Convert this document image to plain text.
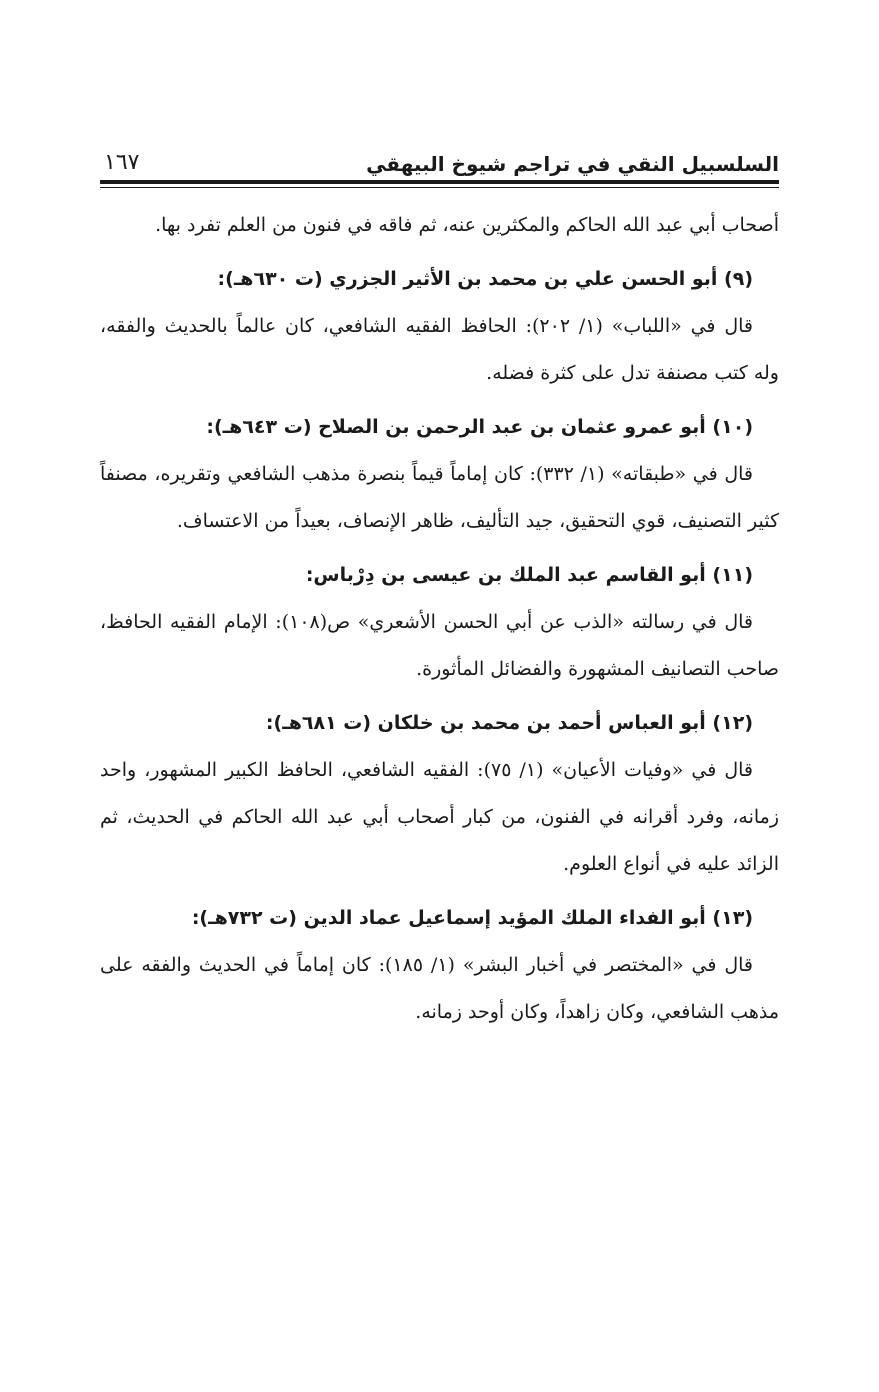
السلسبيل النقي في تراجم شيوخ البيهقي
١٦٧

أصحاب أبي عبد الله الحاكم والمكثرين عنه، ثم فاقه في فنون من العلم تفرد بها.

(٩) أبو الحسن علي بن محمد بن الأثير الجزري (ت ٦٣٠هـ):

قال في «اللباب» (١/ ٢٠٢): الحافظ الفقيه الشافعي، كان عالماً بالحديث والفقه، وله كتب مصنفة تدل على كثرة فضله.

(١٠) أبو عمرو عثمان بن عبد الرحمن بن الصلاح (ت ٦٤٣هـ):

قال في «طبقاته» (١/ ٣٣٢): كان إماماً قيماً بنصرة مذهب الشافعي وتقريره، مصنفاً كثير التصنيف، قوي التحقيق، جيد التأليف، ظاهر الإنصاف، بعيداً من الاعتساف.

(١١) أبو القاسم عبد الملك بن عيسى بن دِرْباس:

قال في رسالته «الذب عن أبي الحسن الأشعري» ص(١٠٨): الإمام الفقيه الحافظ، صاحب التصانيف المشهورة والفضائل المأثورة.

(١٢) أبو العباس أحمد بن محمد بن خلكان (ت ٦٨١هـ):

قال في «وفيات الأعيان» (١/ ٧٥): الفقيه الشافعي، الحافظ الكبير المشهور، واحد زمانه، وفرد أقرانه في الفنون، من كبار أصحاب أبي عبد الله الحاكم في الحديث، ثم الزائد عليه في أنواع العلوم.

(١٣) أبو الفداء الملك المؤيد إسماعيل عماد الدين (ت ٧٣٢هـ):

قال في «المختصر في أخبار البشر» (١/ ١٨٥): كان إماماً في الحديث والفقه على مذهب الشافعي، وكان زاهداً، وكان أوحد زمانه.
